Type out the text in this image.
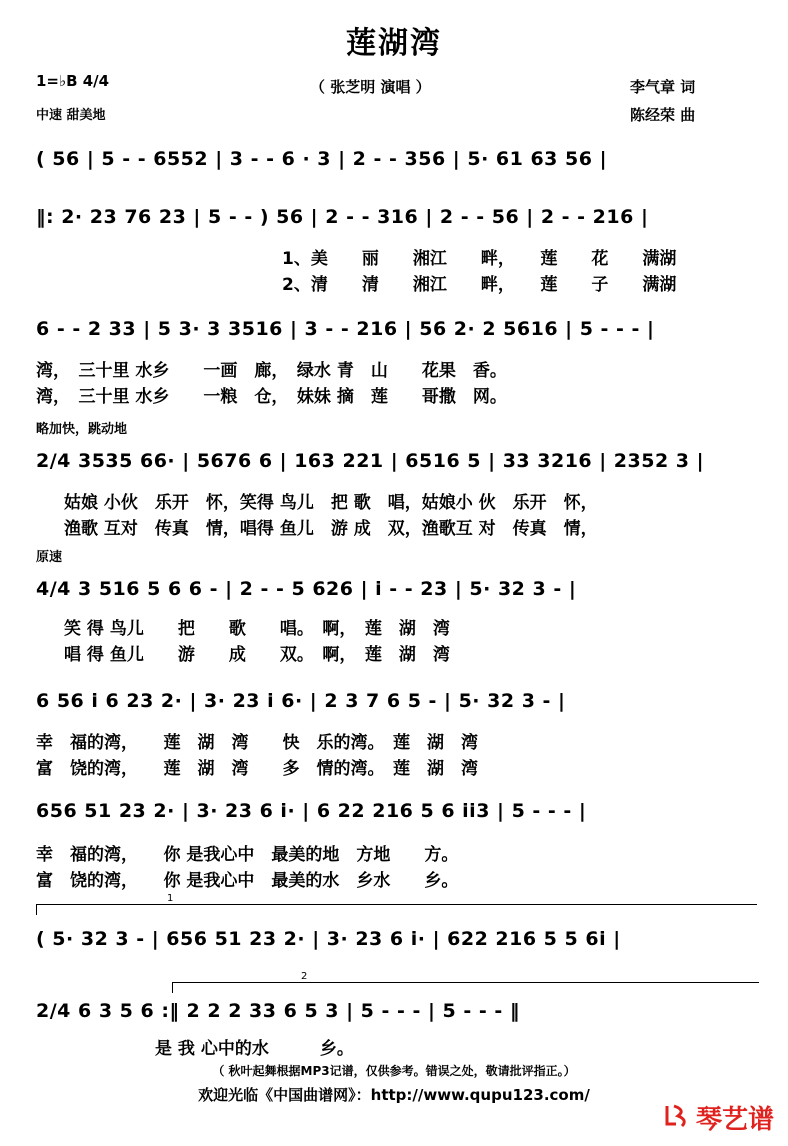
莲湖湾
1=♭B 4/4	（ 张芝明 演唱 ）	李气章 词
中速 甜美地	陈经荣 曲
( 56 | 5 - - 6552 | 3 - - 6 · 3 | 2 - - 356 | 5· 61 63 56 |
‖: 2· 23 76 23 | 5 - - ) 56 | 2 - - 316 | 2 - - 56 | 2 - - 216 |
1、美　　丽　　湘江　　畔，　　莲　　花　　满湖
2、清　　清　　湘江　　畔，　　莲　　子　　满湖
6 - - 2 33 | 5 3· 3 3516 | 3 - - 216 | 56 2· 2 5616 | 5 - - - |
湾，　三十里 水乡　　一画　廊，　绿水 青　山　　花果　香。
湾，　三十里 水乡　　一粮　仓，　妹妹 摘　莲　　哥撒　网。
略加快，跳动地
2/4 3535 66· | 5676 6 | 163 221 | 6516 5 | 33 3216 | 2352 3 |
姑娘 小伙　乐开　怀，笑得 鸟儿　把 歌　唱，姑娘小 伙　乐开　怀，
渔歌 互对　传真　情，唱得 鱼儿　游 成　双，渔歌互 对　传真　情，
原速
4/4 3 516 5 6 6 - | 2 - - 5 626 | i - - 23 | 5· 32 3 - |
笑 得 鸟儿　　把　　歌　　唱。　啊，　莲　湖　湾
唱 得 鱼儿　　游　　成　　双。　啊，　莲　湖　湾
6 56 i 6 23 2· | 3· 23 i 6· | 2 3 7 6 5 - | 5· 32 3 - |
幸　福的湾，　　莲　湖　湾　　快　乐的湾。　莲　湖　湾
富　饶的湾，　　莲　湖　湾　　多　情的湾。　莲　湖　湾
656 51 23 2· | 3· 23 6 i· | 6 22 216 5 6 ii3 | 5 - - - |
幸　福的湾，　　你 是我心中　最美的地　方地　　方。
富　饶的湾，　　你 是我心中　最美的水　乡水　　乡。
1
( 5· 32 3 - | 656 51 23 2· | 3· 23 6 i· | 622 216 5 5 6i |
2
2/4 6 3 5 6 :‖ 2 2 2 33 6 5 3 | 5 - - - | 5 - - - ‖
　　　　　　　是 我 心中的水　　　乡。
（ 秋叶起舞根据MP3记谱，仅供参考。错误之处，敬请批评指正。）
欢迎光临《中国曲谱网》：http://www.qupu123.com/
琴艺谱
